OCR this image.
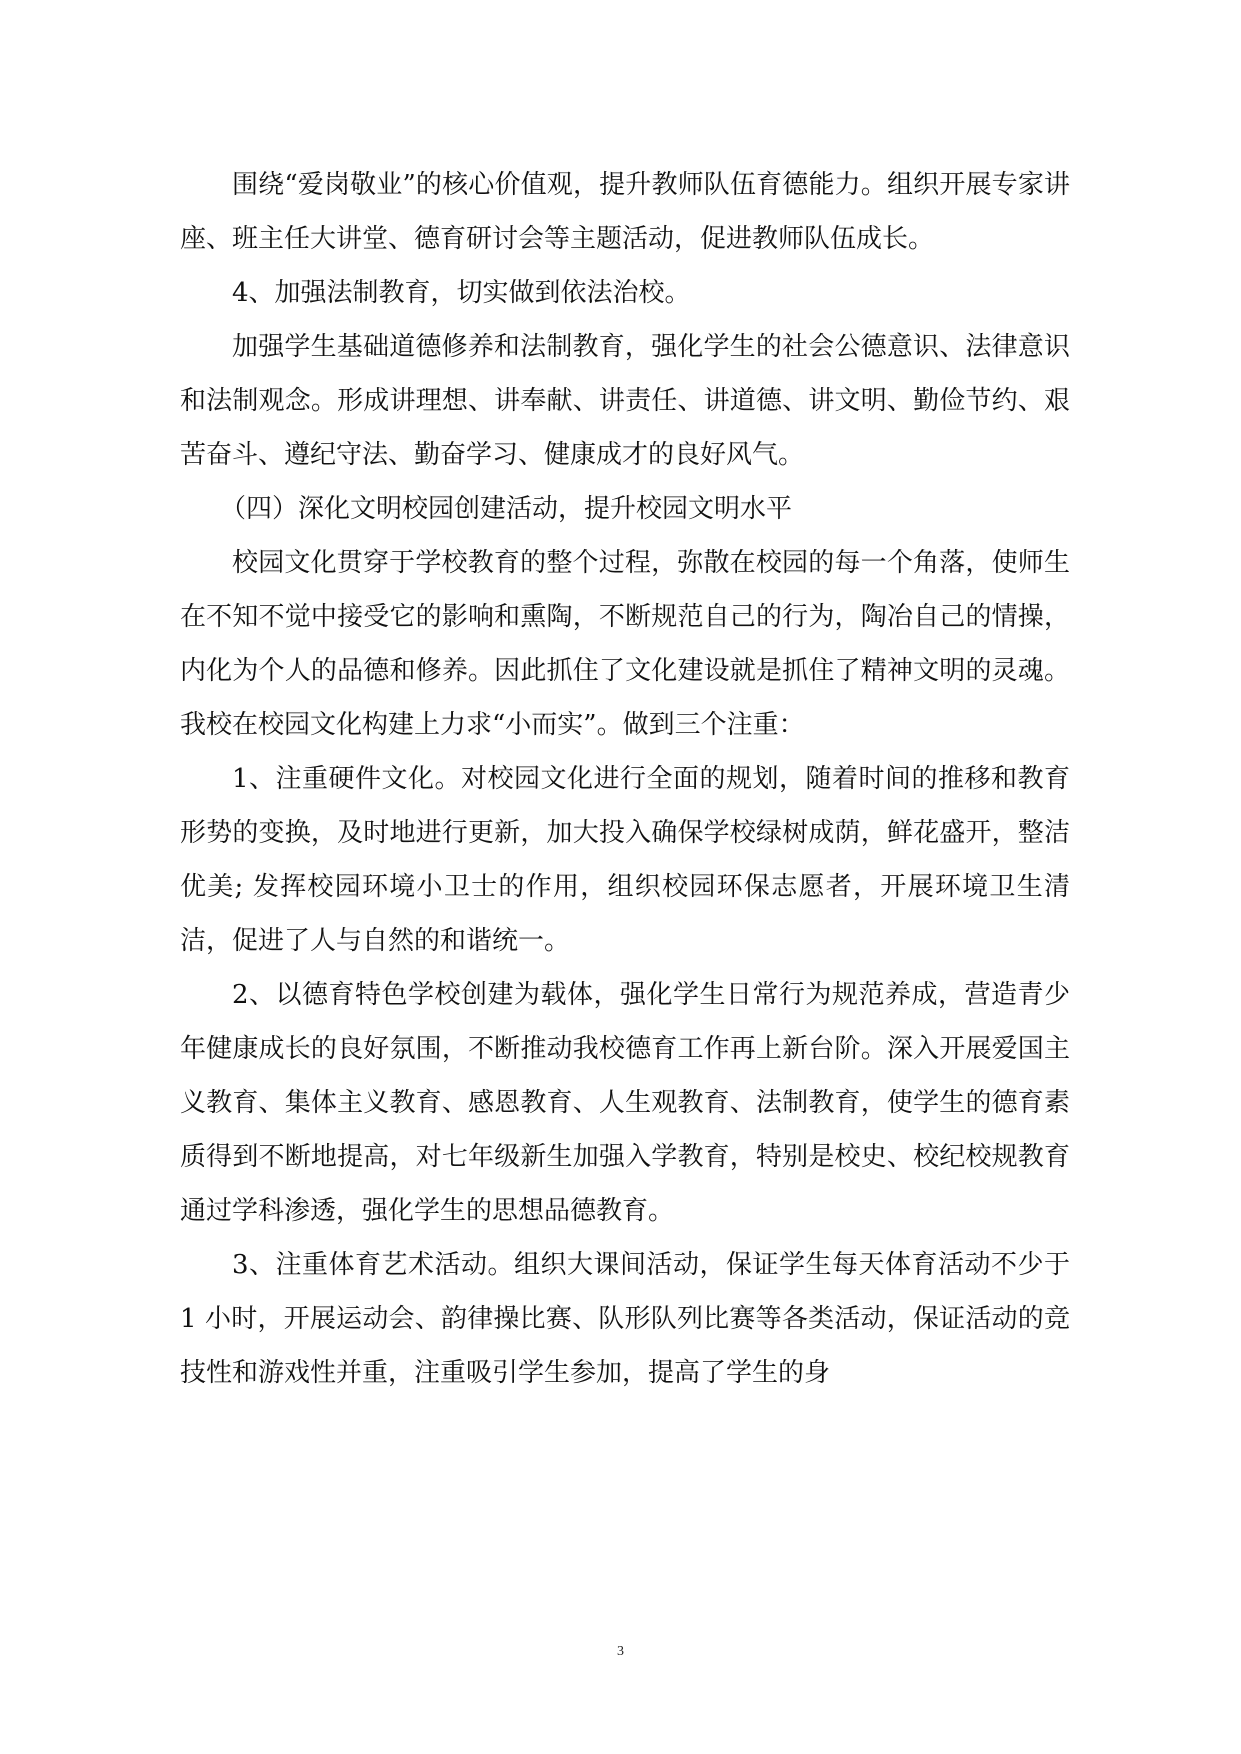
围绕“爱岗敬业”的核心价值观，提升教师队伍育德能力。组织开展专家讲座、班主任大讲堂、德育研讨会等主题活动，促进教师队伍成长。

4、加强法制教育，切实做到依法治校。

加强学生基础道德修养和法制教育，强化学生的社会公德意识、法律意识和法制观念。形成讲理想、讲奉献、讲责任、讲道德、讲文明、勤俭节约、艰苦奋斗、遵纪守法、勤奋学习、健康成才的良好风气。

（四）深化文明校园创建活动，提升校园文明水平

校园文化贯穿于学校教育的整个过程，弥散在校园的每一个角落，使师生在不知不觉中接受它的影响和熏陶，不断规范自己的行为，陶冶自己的情操，内化为个人的品德和修养。因此抓住了文化建设就是抓住了精神文明的灵魂。我校在校园文化构建上力求“小而实”。做到三个注重：

1、注重硬件文化。对校园文化进行全面的规划，随着时间的推移和教育形势的变换，及时地进行更新，加大投入确保学校绿树成荫，鲜花盛开，整洁优美; 发挥校园环境小卫士的作用，组织校园环保志愿者，开展环境卫生清洁，促进了人与自然的和谐统一。

2、以德育特色学校创建为载体，强化学生日常行为规范养成，营造青少年健康成长的良好氛围，不断推动我校德育工作再上新台阶。深入开展爱国主义教育、集体主义教育、感恩教育、人生观教育、法制教育，使学生的德育素质得到不断地提高，对七年级新生加强入学教育，特别是校史、校纪校规教育通过学科渗透，强化学生的思想品德教育。

3、注重体育艺术活动。组织大课间活动，保证学生每天体育活动不少于 1 小时，开展运动会、韵律操比赛、队形队列比赛等各类活动，保证活动的竞技性和游戏性并重，注重吸引学生参加，提高了学生的身

3
